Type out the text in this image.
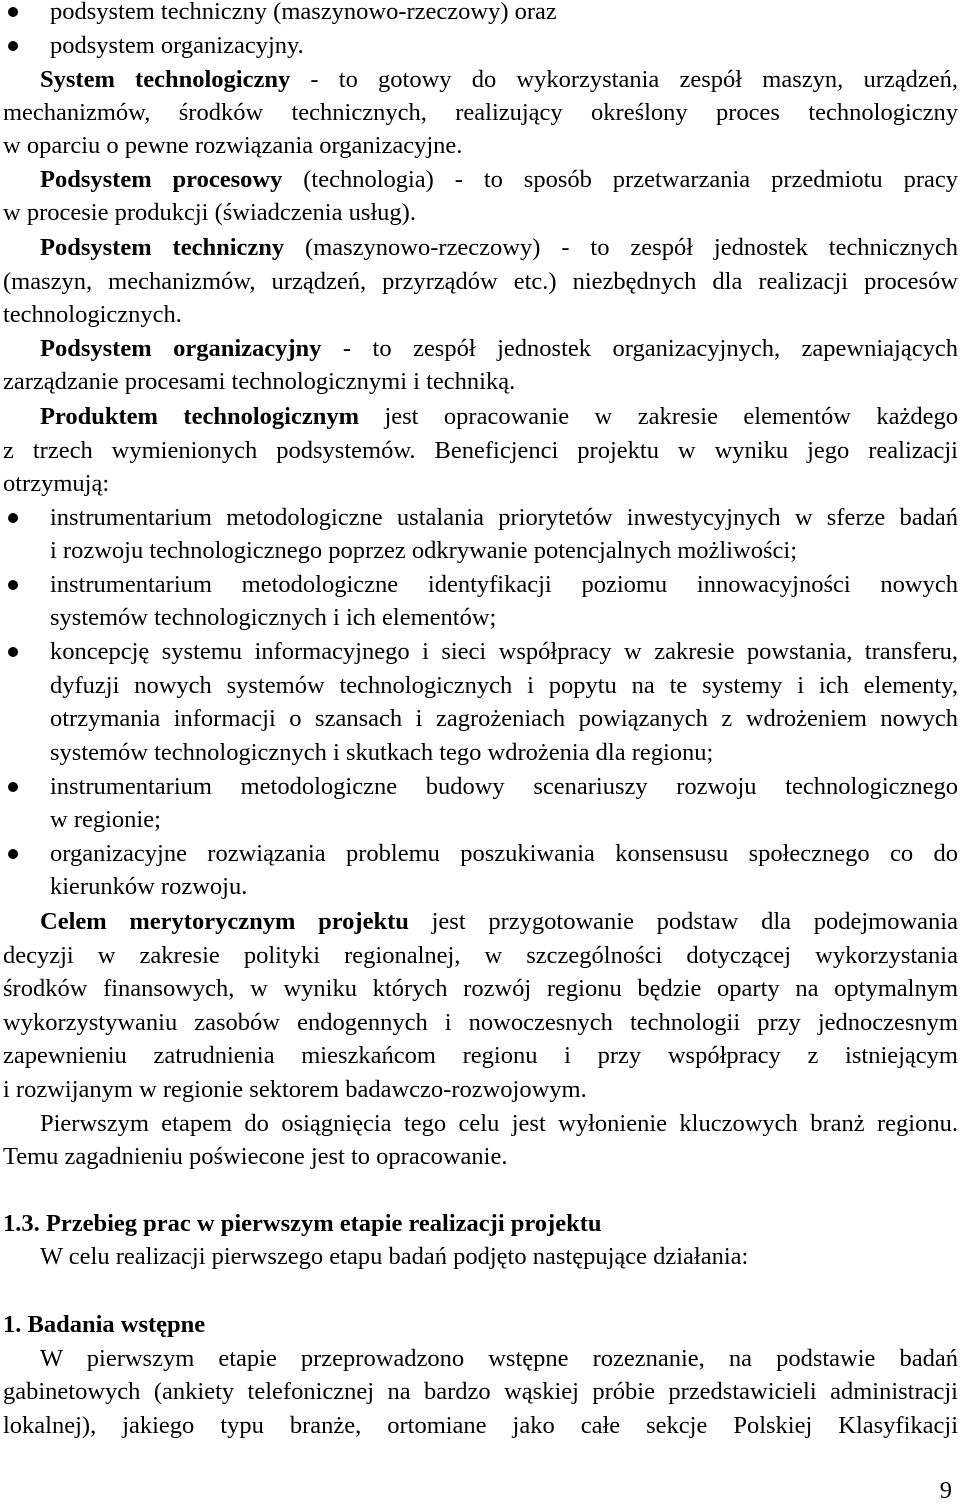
podsystem techniczny (maszynowo-rzeczowy) oraz
podsystem organizacyjny.
System technologiczny - to gotowy do wykorzystania zespół maszyn, urządzeń,
mechanizmów, środków technicznych, realizujący określony proces technologiczny
w oparciu o pewne rozwiązania organizacyjne.
Podsystem procesowy (technologia) - to sposób przetwarzania przedmiotu pracy
w procesie produkcji (świadczenia usług).
Podsystem techniczny (maszynowo-rzeczowy) - to zespół jednostek technicznych
(maszyn, mechanizmów, urządzeń, przyrządów etc.) niezbędnych dla realizacji procesów
technologicznych.
Podsystem organizacyjny - to zespół jednostek organizacyjnych, zapewniających
zarządzanie procesami technologicznymi i techniką.
Produktem technologicznym jest opracowanie w zakresie elementów każdego
z trzech wymienionych podsystemów. Beneficjenci projektu w wyniku jego realizacji
otrzymują:
instrumentarium metodologiczne ustalania priorytetów inwestycyjnych w sferze badań
i rozwoju technologicznego poprzez odkrywanie potencjalnych możliwości;
instrumentarium metodologiczne identyfikacji poziomu innowacyjności nowych
systemów technologicznych i ich elementów;
koncepcję systemu informacyjnego i sieci współpracy w zakresie powstania, transferu,
dyfuzji nowych systemów technologicznych i popytu na te systemy i ich elementy,
otrzymania informacji o szansach i zagrożeniach powiązanych z wdrożeniem nowych
systemów technologicznych i skutkach tego wdrożenia dla regionu;
instrumentarium metodologiczne budowy scenariuszy rozwoju technologicznego
w regionie;
organizacyjne rozwiązania problemu poszukiwania konsensusu społecznego co do
kierunków rozwoju.
Celem merytorycznym projektu jest przygotowanie podstaw dla podejmowania
decyzji w zakresie polityki regionalnej, w szczególności dotyczącej wykorzystania
środków finansowych, w wyniku których rozwój regionu będzie oparty na optymalnym
wykorzystywaniu zasobów endogennych i nowoczesnych technologii przy jednoczesnym
zapewnieniu zatrudnienia mieszkańcom regionu i przy współpracy z istniejącym
i rozwijanym w regionie sektorem badawczo-rozwojowym.
Pierwszym etapem do osiągnięcia tego celu jest wyłonienie kluczowych branż regionu.
Temu zagadnieniu poświecone jest to opracowanie.
1.3. Przebieg prac w pierwszym etapie realizacji projektu
W celu realizacji pierwszego etapu badań podjęto następujące działania:
1. Badania wstępne
W pierwszym etapie przeprowadzono wstępne rozeznanie, na podstawie badań
gabinetowych (ankiety telefonicznej na bardzo wąskiej próbie przedstawicieli administracji
lokalnej), jakiego typu branże, ortomiane jako całe sekcje Polskiej Klasyfikacji
9
